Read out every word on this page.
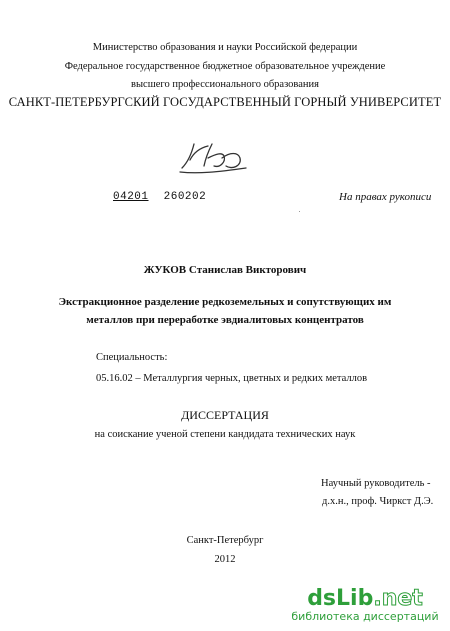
Министерство образования и науки Российской федерации
Федеральное государственное бюджетное образовательное учреждение
высшего профессионального образования
САНКТ-ПЕТЕРБУРГСКИЙ ГОСУДАРСТВЕННЫЙ ГОРНЫЙ УНИВЕРСИТЕТ
04201 260202	На правах рукописи
ЖУКОВ Станислав Викторович
Экстракционное разделение редкоземельных и сопутствующих им
металлов при переработке эвдиалитовых концентратов
Специальность:
05.16.02 – Металлургия черных, цветных и редких металлов
ДИССЕРТАЦИЯ
на соискание ученой степени кандидата технических наук
Научный руководитель -
д.х.н., проф. Чиркст Д.Э.
Санкт-Петербург
2012
dsLib.net
библиотека диссертаций
